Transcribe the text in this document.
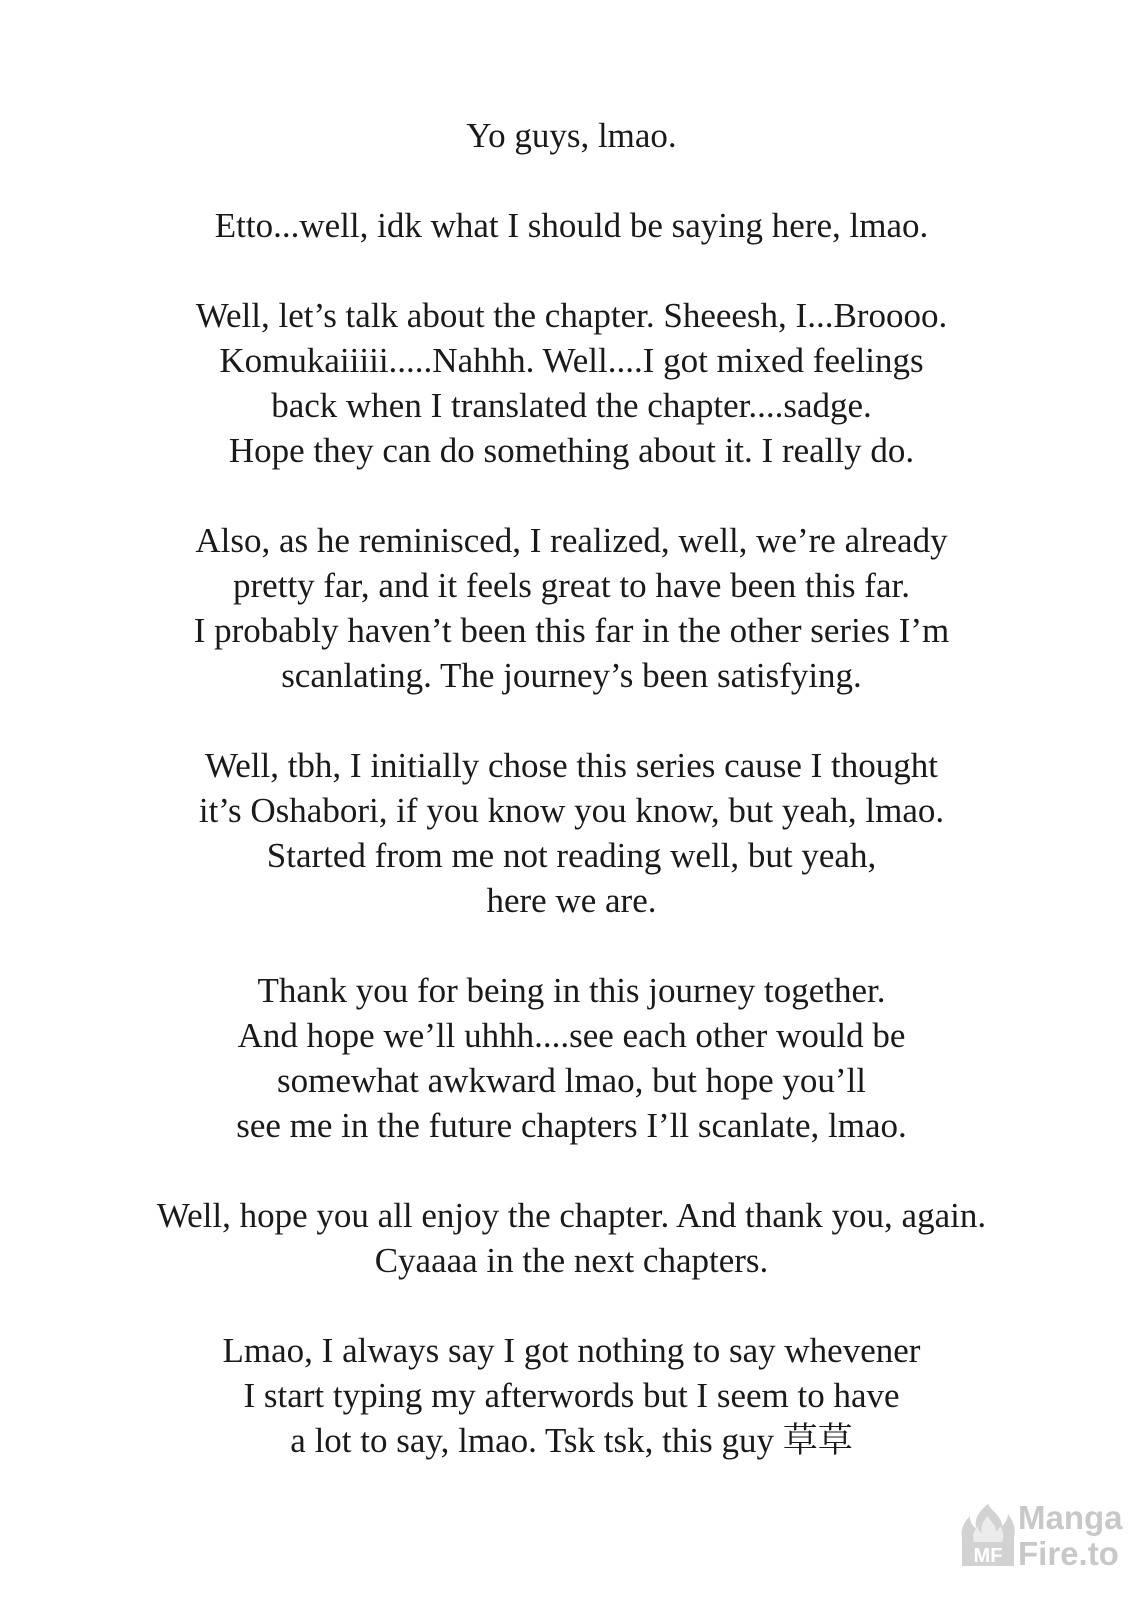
Yo guys, lmao.

Etto...well, idk what I should be saying here, lmao.

Well, let’s talk about the chapter. Sheeesh, I...Broooo.
Komukaiiiii.....Nahhh. Well....I got mixed feelings
back when I translated the chapter....sadge.
Hope they can do something about it. I really do.

Also, as he reminisced, I realized, well, we’re already
pretty far, and it feels great to have been this far.
I probably haven’t been this far in the other series I’m
scanlating. The journey’s been satisfying.

Well, tbh, I initially chose this series cause I thought
it’s Oshabori, if you know you know, but yeah, lmao.
Started from me not reading well, but yeah,
here we are.

Thank you for being in this journey together.
And hope we’ll uhhh....see each other would be
somewhat awkward lmao, but hope you’ll
see me in the future chapters I’ll scanlate, lmao.

Well, hope you all enjoy the chapter. And thank you, again.
Cyaaaa in the next chapters.

Lmao, I always say I got nothing to say whevener
I start typing my afterwords but I seem to have
a lot to say, lmao. Tsk tsk, this guy 草草

MF
Manga
Fire.to
